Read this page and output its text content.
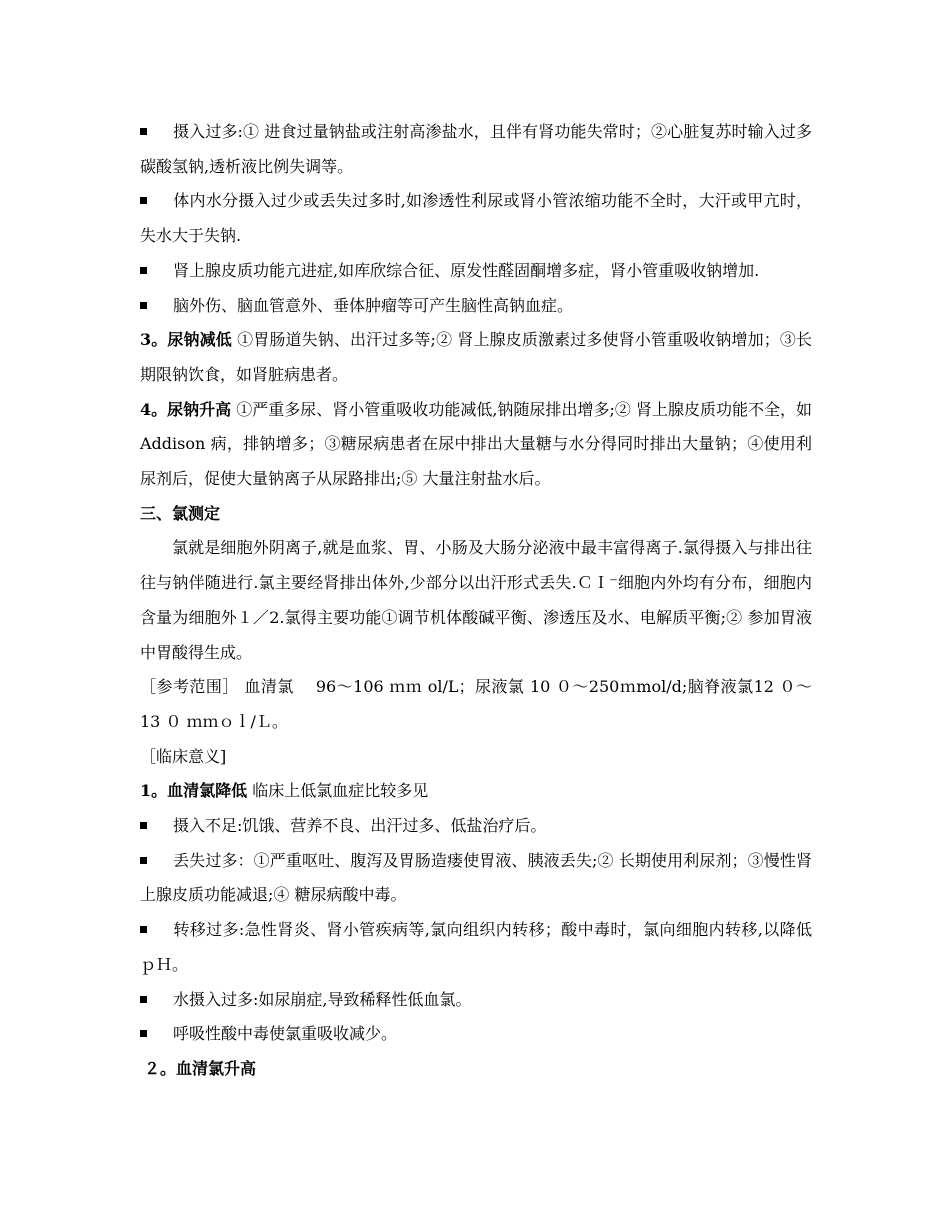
摄入过多:① 进食过量钠盐或注射高渗盐水，且伴有肾功能失常时；②心脏复苏时输入过多碳酸氢钠,透析液比例失调等。

体内水分摄入过少或丢失过多时,如渗透性利尿或肾小管浓缩功能不全时，大汗或甲亢时，失水大于失钠.

肾上腺皮质功能亢进症,如库欣综合征、原发性醛固酮增多症，肾小管重吸收钠增加.

脑外伤、脑血管意外、垂体肿瘤等可产生脑性高钠血症。

3。尿钠减低 ①胃肠道失钠、出汗过多等;② 肾上腺皮质激素过多使肾小管重吸收钠增加；③长期限钠饮食，如肾脏病患者。

4。尿钠升高 ①严重多尿、肾小管重吸收功能减低,钠随尿排出增多;② 肾上腺皮质功能不全，如 Addison 病，排钠增多；③糖尿病患者在尿中排出大量糖与水分得同时排出大量钠；④使用利尿剂后，促使大量钠离子从尿路排出;⑤ 大量注射盐水后。

三、氯测定

氯就是细胞外阴离子,就是血浆、胃、小肠及大肠分泌液中最丰富得离子.氯得摄入与排出往往与钠伴随进行.氯主要经肾排出体外,少部分以出汗形式丢失.ＣＩ⁻细胞内外均有分布，细胞内含量为细胞外１／2.氯得主要功能①调节机体酸碱平衡、渗透压及水、电解质平衡;② 参加胃液中胃酸得生成。

［参考范围］ 血清氯　 96～106 ｍｍ ol/L；尿液氯 10 ０～250ｍmol/d;脑脊液氯12 ０～13 ０ ｍｍｏｌ/Ｌ。

［临床意义]

1。血清氯降低 临床上低氯血症比较多见

摄入不足:饥饿、营养不良、出汗过多、低盐治疗后。

丢失过多：①严重呕吐、腹泻及胃肠造瘘使胃液、胰液丢失;② 长期使用利尿剂；③慢性肾上腺皮质功能减退;④ 糖尿病酸中毒。

转移过多:急性肾炎、肾小管疾病等,氯向组织内转移；酸中毒时，氯向细胞内转移,以降低ｐＨ。

水摄入过多:如尿崩症,导致稀释性低血氯。

呼吸性酸中毒使氯重吸收减少。

２。血清氯升高
